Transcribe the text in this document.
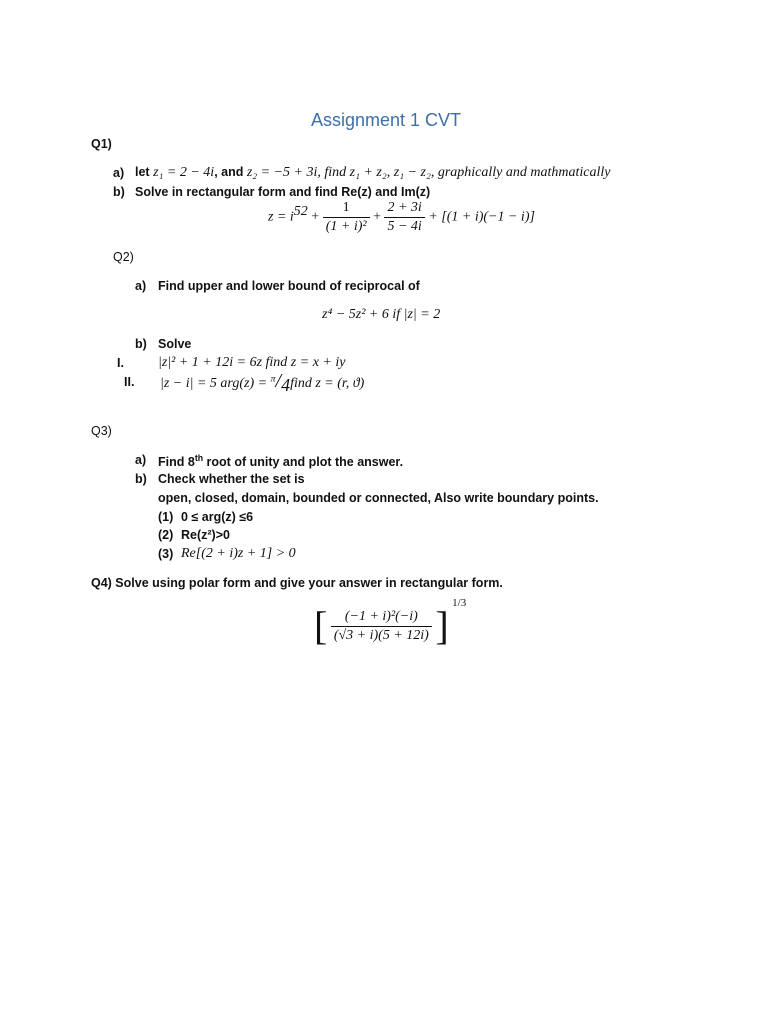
Assignment 1 CVT
Q1)
a) let z₁ = 2 − 4i, and z₂ = −5 + 3i, find z₁ + z₂, z₁ − z₂, graphically and mathmatically
b) Solve in rectangular form and find Re(z) and Im(z)
$z = i^{52} + \frac{1}{\text{(1 + i)²}} + \frac{2 + 3i}{5 - 4i} + [(1 + i)(-1 - i)]$
Q2)
a) Find upper and lower bound of reciprocal of
z⁴ − 5z² + 6 if |z| = 2
b) Solve
I. |z|² + 1 + 12i = 6z find z = x + iy
II. |z − i| = 5 $arg(z) = ^\pi/_4find$ z = (r, ϑ)
Q3)
a) Find 8th root of unity and plot the answer.
b) Check whether the set is
open, closed, domain, bounded or connected, Also write boundary points.
(1) 0 ≤ arg(z) ≤6
(2) Re(z²)>0
(3) Re[(2 + i)z + 1] > 0
Q4) Solve using polar form and give your answer in rectangular form.
[ $\frac{\text{(−1 + i)²(−i)}}{(√3 + i)(5 + 12i)}$ ] $^{1/3}$
